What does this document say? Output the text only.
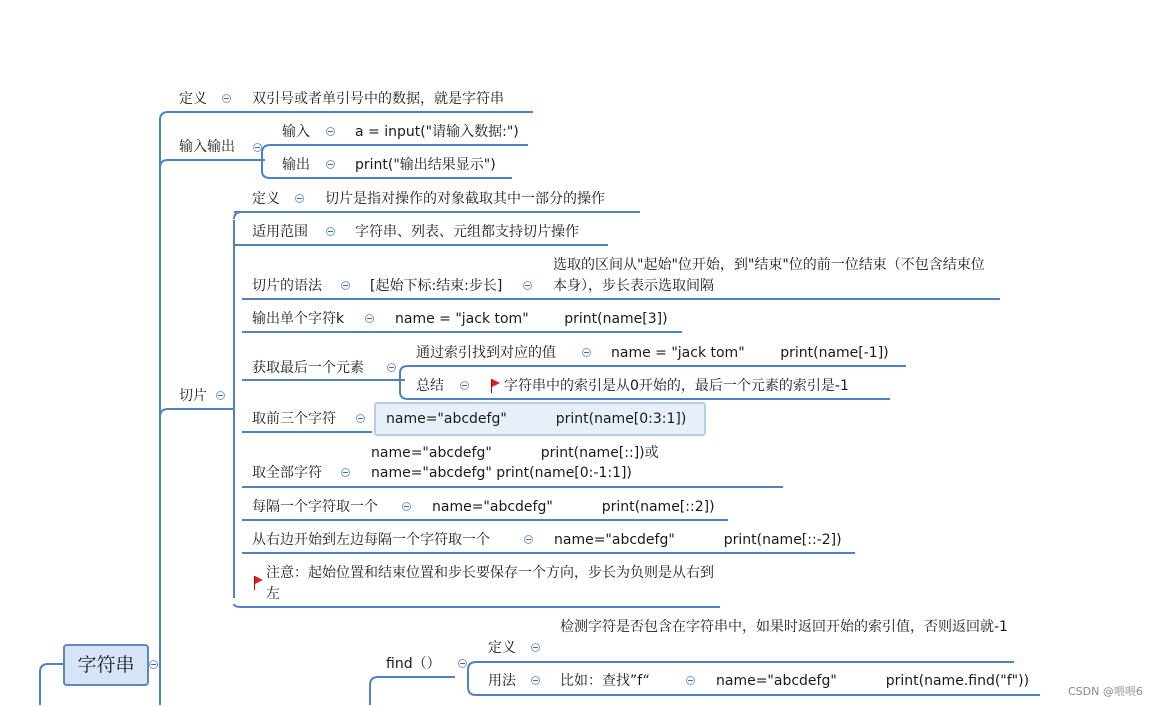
字符串
定义	双引号或者单引号中的数据，就是字符串
输入输出
输入	a = input("请输入数据:")
输出	print("输出结果显示")
切片
定义	切片是指对操作的对象截取其中一部分的操作
适用范围	字符串、列表、元组都支持切片操作
切片的语法	[起始下标:结束:步长]
选取的区间从"起始"位开始，到"结束"位的前一位结束（不包含结束位本身），步长表示选取间隔
输出单个字符k	name = "jack tom"        print(name[3])
获取最后一个元素
通过索引找到对应的值	name = "jack tom"        print(name[-1])
总结	字符串中的索引是从0开始的，最后一个元素的索引是-1
取前三个字符	name="abcdefg"           print(name[0:3:1])
取全部字符
name="abcdefg"           print(name[::])或
name="abcdefg" print(name[0:-1:1])
每隔一个字符取一个	name="abcdefg"           print(name[::2])
从右边开始到左边每隔一个字符取一个	name="abcdefg"           print(name[::-2])
注意：起始位置和结束位置和步长要保存一个方向，步长为负则是从右到左
find（）
定义
检测字符是否包含在字符串中，如果时返回开始的索引值，否则返回就-1
用法	比如：查找”f“	name="abcdefg"           print(name.find("f"))
CSDN @喂喂6
